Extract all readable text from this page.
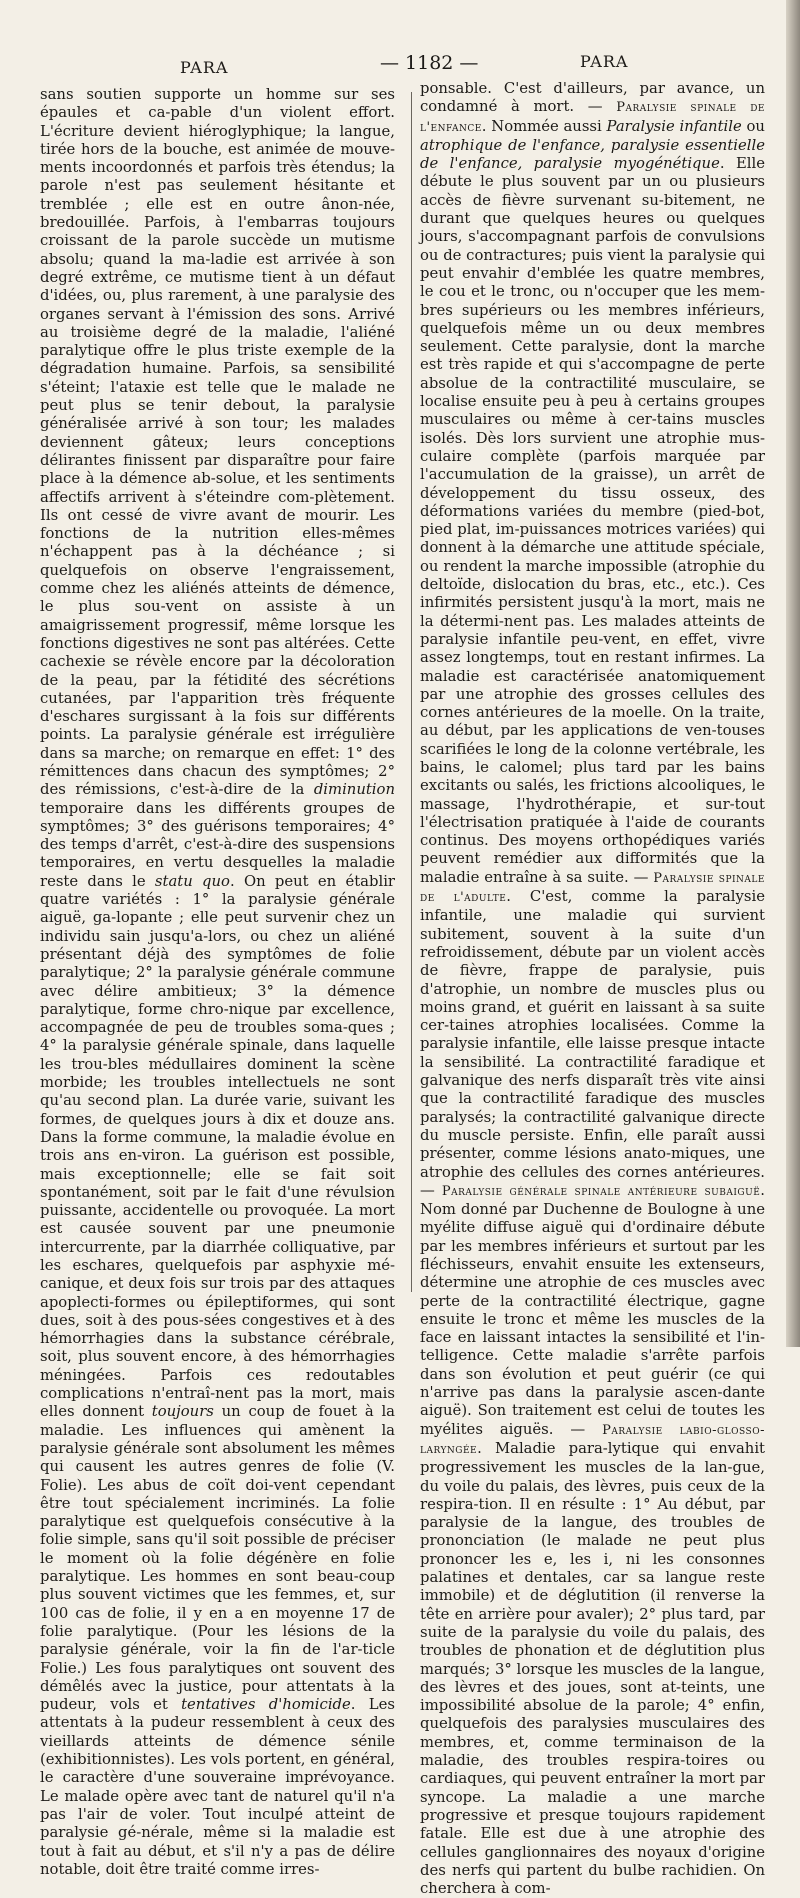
PARA	— 1182 —	PARA

sans soutien supporte un homme sur ses épaules et ca-pable d'un violent effort. L'écriture devient hiéroglyphique; la langue, tirée hors de la bouche, est animée de mouve-ments incoordonnés et parfois très étendus; la parole n'est pas seulement hésitante et tremblée ; elle est en outre ânon-née, bredouillée. Parfois, à l'embarras toujours croissant de la parole succède un mutisme absolu; quand la ma-ladie est arrivée à son degré extrême, ce mutisme tient à un défaut d'idées, ou, plus rarement, à une paralysie des organes servant à l'émission des sons. Arrivé au troisième degré de la maladie, l'aliéné paralytique offre le plus triste exemple de la dégradation humaine. Parfois, sa sensibilité s'éteint; l'ataxie est telle que le malade ne peut plus se tenir debout, la paralysie généralisée arrivé à son tour; les malades deviennent gâteux; leurs conceptions délirantes finissent par disparaître pour faire place à la démence ab-solue, et les sentiments affectifs arrivent à s'éteindre com-plètement. Ils ont cessé de vivre avant de mourir. Les fonctions de la nutrition elles-mêmes n'échappent pas à la déchéance ; si quelquefois on observe l'engraissement, comme chez les aliénés atteints de démence, le plus sou-vent on assiste à un amaigrissement progressif, même lorsque les fonctions digestives ne sont pas altérées. Cette cachexie se révèle encore par la décoloration de la peau, par la fétidité des sécrétions cutanées, par l'apparition très fréquente d'eschares surgissant à la fois sur différents points. La paralysie générale est irrégulière dans sa marche; on remarque en effet: 1° des rémittences dans chacun des symptômes; 2° des rémissions, c'est-à-dire de la diminution temporaire dans les différents groupes de symptômes; 3° des guérisons temporaires; 4° des temps d'arrêt, c'est-à-dire des suspensions temporaires, en vertu desquelles la maladie reste dans le statu quo. On peut en établir quatre variétés : 1° la paralysie générale aiguë, ga-lopante ; elle peut survenir chez un individu sain jusqu'a-lors, ou chez un aliéné présentant déjà des symptômes de folie paralytique; 2° la paralysie générale commune avec délire ambitieux; 3° la démence paralytique, forme chro-nique par excellence, accompagnée de peu de troubles soma-ques ; 4° la paralysie générale spinale, dans laquelle les trou-bles médullaires dominent la scène morbide; les troubles intellectuels ne sont qu'au second plan. La durée varie, suivant les formes, de quelques jours à dix et douze ans. Dans la forme commune, la maladie évolue en trois ans en-viron. La guérison est possible, mais exceptionnelle; elle se fait soit spontanément, soit par le fait d'une révulsion puissante, accidentelle ou provoquée. La mort est causée souvent par une pneumonie intercurrente, par la diarrhée colliquative, par les eschares, quelquefois par asphyxie mé-canique, et deux fois sur trois par des attaques apoplecti-formes ou épileptiformes, qui sont dues, soit à des pous-sées congestives et à des hémorrhagies dans la substance cérébrale, soit, plus souvent encore, à des hémorrhagies méningées. Parfois ces redoutables complications n'entraî-nent pas la mort, mais elles donnent toujours un coup de fouet à la maladie. Les influences qui amènent la paralysie générale sont absolument les mêmes qui causent les autres genres de folie (V. Folie). Les abus de coït doi-vent cependant être tout spécialement incriminés. La folie paralytique est quelquefois consécutive à la folie simple, sans qu'il soit possible de préciser le moment où la folie dégénère en folie paralytique. Les hommes en sont beau-coup plus souvent victimes que les femmes, et, sur 100 cas de folie, il y en a en moyenne 17 de folie paralytique. (Pour les lésions de la paralysie générale, voir la fin de l'ar-ticle Folie.) Les fous paralytiques ont souvent des démêlés avec la justice, pour attentats à la pudeur, vols et tentatives d'homicide. Les attentats à la pudeur ressemblent à ceux des vieillards atteints de démence sénile (exhibitionnistes). Les vols portent, en général, le caractère d'une souveraine imprévoyance. Le malade opère avec tant de naturel qu'il n'a pas l'air de voler. Tout inculpé atteint de paralysie gé-nérale, même si la maladie est tout à fait au début, et s'il n'y a pas de délire notable, doit être traité comme irres-

ponsable. C'est d'ailleurs, par avance, un condamné à mort. — Paralysie spinale de l'enfance. Nommée aussi Paralysie infantile ou atrophique de l'enfance, paralysie essentielle de l'enfance, paralysie myogénétique. Elle débute le plus souvent par un ou plusieurs accès de fièvre survenant su-bitement, ne durant que quelques heures ou quelques jours, s'accompagnant parfois de convulsions ou de contractures; puis vient la paralysie qui peut envahir d'emblée les quatre membres, le cou et le tronc, ou n'occuper que les mem-bres supérieurs ou les membres inférieurs, quelquefois même un ou deux membres seulement. Cette paralysie, dont la marche est très rapide et qui s'accompagne de perte absolue de la contractilité musculaire, se localise ensuite peu à peu à certains groupes musculaires ou même à cer-tains muscles isolés. Dès lors survient une atrophie mus-culaire complète (parfois marquée par l'accumulation de la graisse), un arrêt de développement du tissu osseux, des déformations variées du membre (pied-bot, pied plat, im-puissances motrices variées) qui donnent à la démarche une attitude spéciale, ou rendent la marche impossible (atrophie du deltoïde, dislocation du bras, etc., etc.). Ces infirmités persistent jusqu'à la mort, mais ne la détermi-nent pas. Les malades atteints de paralysie infantile peu-vent, en effet, vivre assez longtemps, tout en restant infirmes. La maladie est caractérisée anatomiquement par une atrophie des grosses cellules des cornes antérieures de la moelle. On la traite, au début, par les applications de ven-touses scarifiées le long de la colonne vertébrale, les bains, le calomel; plus tard par les bains excitants ou salés, les frictions alcooliques, le massage, l'hydrothérapie, et sur-tout l'électrisation pratiquée à l'aide de courants continus. Des moyens orthopédiques variés peuvent remédier aux difformités que la maladie entraîne à sa suite. — Paralysie spinale de l'adulte. C'est, comme la paralysie infantile, une maladie qui survient subitement, souvent à la suite d'un refroidissement, débute par un violent accès de fièvre, frappe de paralysie, puis d'atrophie, un nombre de muscles plus ou moins grand, et guérit en laissant à sa suite cer-taines atrophies localisées. Comme la paralysie infantile, elle laisse presque intacte la sensibilité. La contractilité faradique et galvanique des nerfs disparaît très vite ainsi que la contractilité faradique des muscles paralysés; la contractilité galvanique directe du muscle persiste. Enfin, elle paraît aussi présenter, comme lésions anato-miques, une atrophie des cellules des cornes antérieures. — Paralysie générale spinale antérieure subaiguë. Nom donné par Duchenne de Boulogne à une myélite diffuse aiguë qui d'ordinaire débute par les membres inférieurs et surtout par les fléchisseurs, envahit ensuite les extenseurs, détermine une atrophie de ces muscles avec perte de la contractilité électrique, gagne ensuite le tronc et même les muscles de la face en laissant intactes la sensibilité et l'in-telligence. Cette maladie s'arrête parfois dans son évolution et peut guérir (ce qui n'arrive pas dans la paralysie ascen-dante aiguë). Son traitement est celui de toutes les myélites aiguës. — Paralysie labio-glosso-laryngée. Maladie para-lytique qui envahit progressivement les muscles de la lan-gue, du voile du palais, des lèvres, puis ceux de la respira-tion. Il en résulte : 1° Au début, par paralysie de la langue, des troubles de prononciation (le malade ne peut plus prononcer les e, les i, ni les consonnes palatines et dentales, car sa langue reste immobile) et de déglutition (il renverse la tête en arrière pour avaler); 2° plus tard, par suite de la paralysie du voile du palais, des troubles de phonation et de déglutition plus marqués; 3° lorsque les muscles de la langue, des lèvres et des joues, sont at-teints, une impossibilité absolue de la parole; 4° enfin, quelquefois des paralysies musculaires des membres, et, comme terminaison de la maladie, des troubles respira-toires ou cardiaques, qui peuvent entraîner la mort par syncope. La maladie a une marche progressive et presque toujours rapidement fatale. Elle est due à une atrophie des cellules ganglionnaires des noyaux d'origine des nerfs qui partent du bulbe rachidien. On cherchera à com-
